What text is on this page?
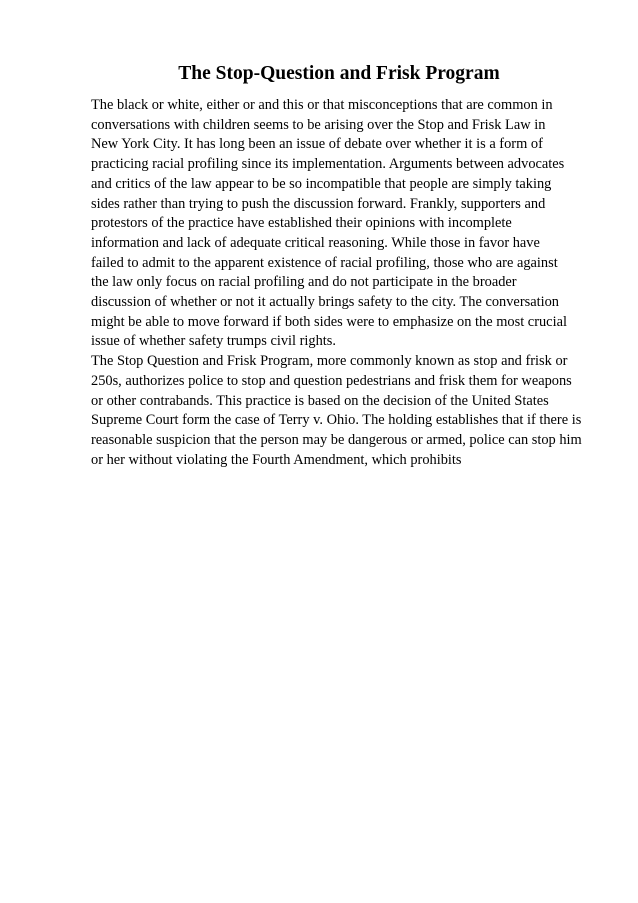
The Stop-Question and Frisk Program
The black or white, either or and this or that misconceptions that are common in
conversations with children seems to be arising over the Stop and Frisk Law in
New York City. It has long been an issue of debate over whether it is a form of
practicing racial profiling since its implementation. Arguments between advocates
and critics of the law appear to be so incompatible that people are simply taking
sides rather than trying to push the discussion forward. Frankly, supporters and
protestors of the practice have established their opinions with incomplete
information and lack of adequate critical reasoning. While those in favor have
failed to admit to the apparent existence of racial profiling, those who are against
the law only focus on racial profiling and do not participate in the broader
discussion of whether or not it actually brings safety to the city. The conversation
might be able to move forward if both sides were to emphasize on the most crucial
issue of whether safety trumps civil rights.
The Stop Question and Frisk Program, more commonly known as stop and frisk or
250s, authorizes police to stop and question pedestrians and frisk them for weapons
or other contrabands. This practice is based on the decision of the United States
Supreme Court form the case of Terry v. Ohio. The holding establishes that if there is
reasonable suspicion that the person may be dangerous or armed, police can stop him
or her without violating the Fourth Amendment, which prohibits
